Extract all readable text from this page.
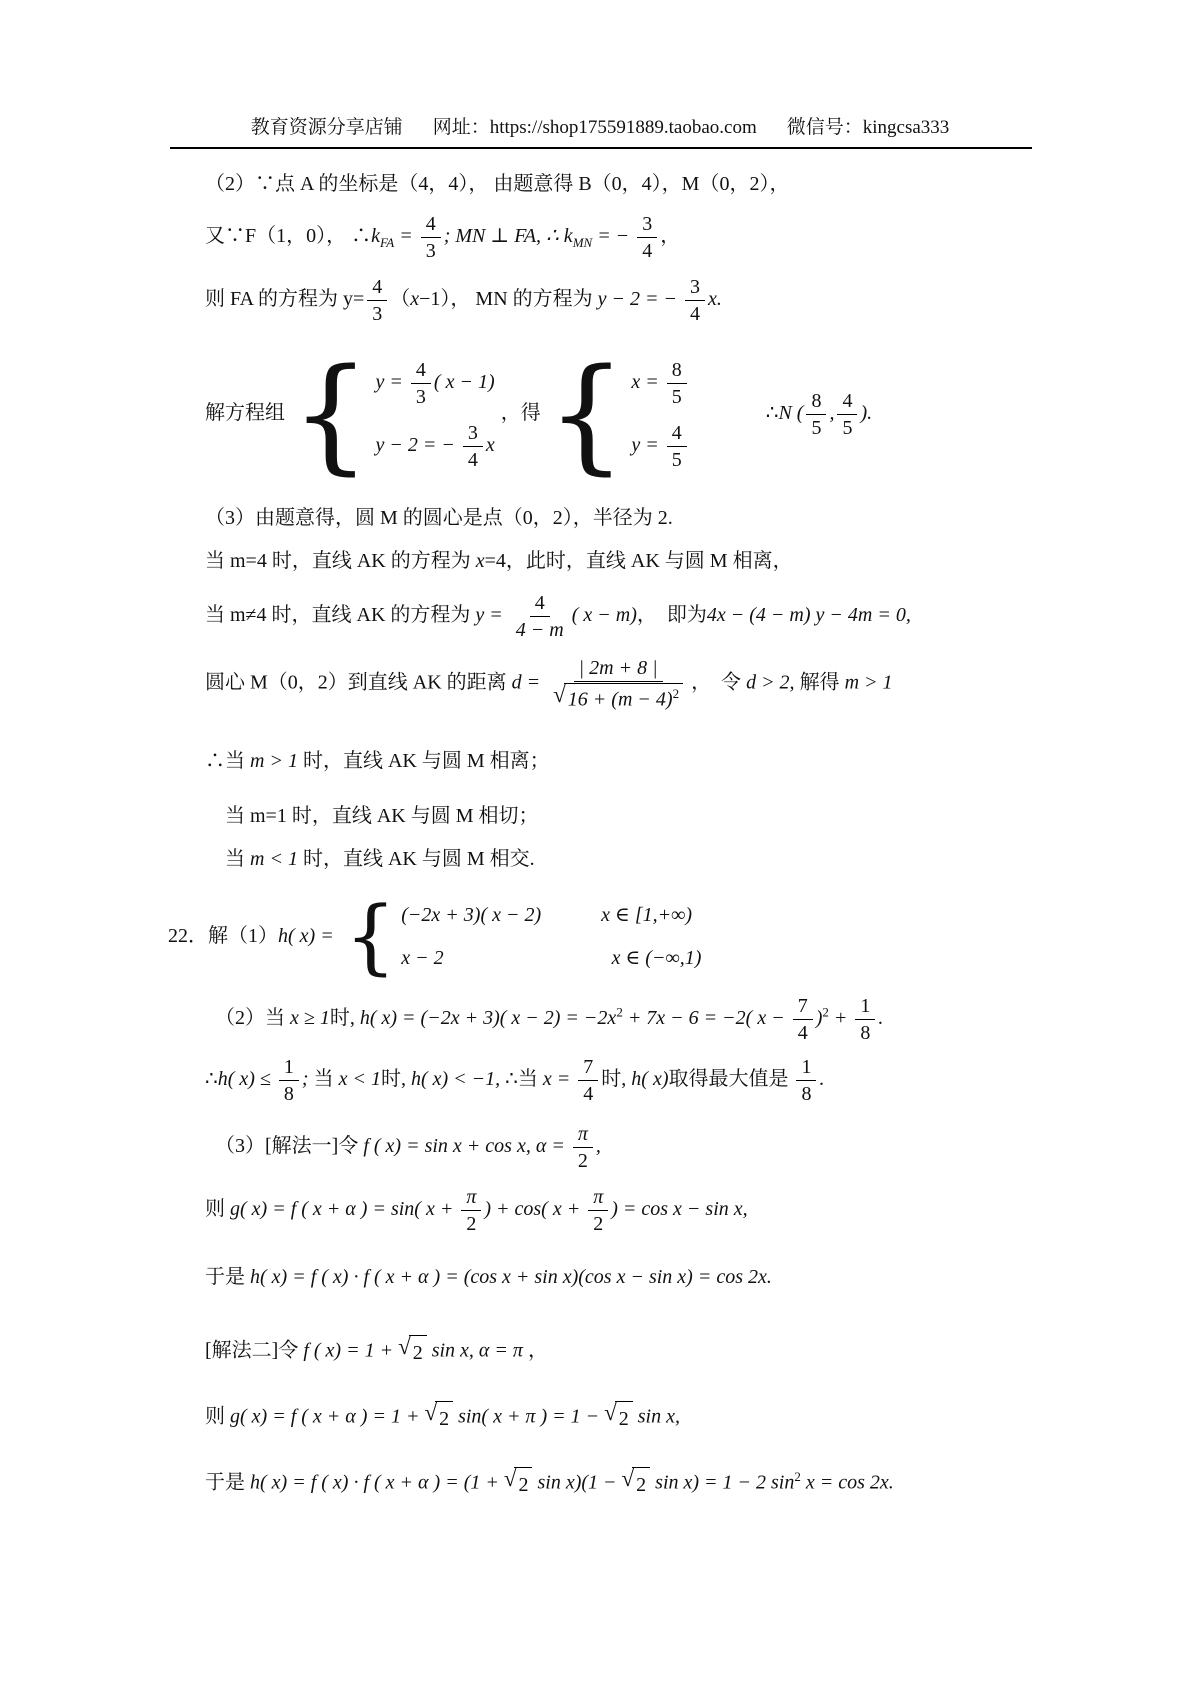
教育资源分享店铺 网址：https://shop175591889.taobao.com 微信号：kingcsa333
（2）∵点 A 的坐标是（4，4）， 由题意得 B（0，4），M（0，2），
又∵F（1，0）， $\therefore k_{FA} = \frac{4}{3}$ ; MN ⊥ FA, ∴ $k_{MN}$ = − $\frac{3}{4}$ ，
则 FA 的方程为 $y= \frac{4}{3} (x-1)$， MN 的方程为 y − 2 = − $\frac{3}{4} x$.
解方程组 { $y = \frac{4}{3}$ ( x − 1)
y − 2 = − $\frac{3}{4}$ x
，得 { $x = \frac{8}{5}$
$y = \frac{4}{5}$
∴N ( $\frac{8}{5}$ , $\frac{4}{5}$ ).
（3）由题意得，圆 M 的圆心是点（0，2），半径为 2.
当 m=4 时，直线 AK 的方程为 x=4，此时，直线 AK 与圆 M 相离，
当 m≠4 时，直线 AK 的方程为 $y = \frac{4}{4 - m}$ ( x − m)，　即为4x − (4 − m) y − 4m = 0,
圆心 M（0，2）到直线 AK 的距离 $d = \frac{| 2m + 8 |}{√ 16 + (m - 4)^2}$ ，　令 d > 2, 解得 m > 1
∴当 m > 1 时，直线 AK 与圆 M 相离；
当 m=1 时，直线 AK 与圆 M 相切；
当 m < 1 时，直线 AK 与圆 M 相交.
22．解（1）h( x) = { (−2x + 3)( x − 2)	x ∈ [1,+∞)
x − 2	x ∈ (−∞,1)
（2）当 x ≥ 1时, h( x) = (−2x + 3)( $x - 2) = -2x^2 + 7x - 6 = -2$( $x - \frac{7}{4} )^2 + \frac{1}{8}$ .
∴h( $x) \le \frac{1}{8}$ ; 当 x < 1时, h( x) < −1, ∴当 $x = \frac{7}{4}$ 时, h( x)取得最大值是 $\frac{1}{8}$ .
（3）[解法一]令 f ( x) = sin x + cos x, $\alpha = \frac{\pi}{2}$ ,
则 g( x) = f ( x + α ) = sin( $x + \frac{\pi}{2}$ ) + cos( $x + \frac{\pi}{2}$ ) = cos x − sin x,
于是 h( x) = f ( x) · f ( x + α ) = (cos x + sin x)(cos x − sin x) = cos 2x.
[解法二]令 f ( x) = 1 + √ 2 sin x, α = π ，
则 g( x) = f ( x + α ) = 1 + √ 2 sin( x + π ) = 1 − √ 2 sin x,
于是 h( x) = f ( x) · f ( x + α ) = (1 + √ 2 sin x)(1 − √ 2 sin x) = 1 − 2 $\sin^2 x = \cos 2x$.
